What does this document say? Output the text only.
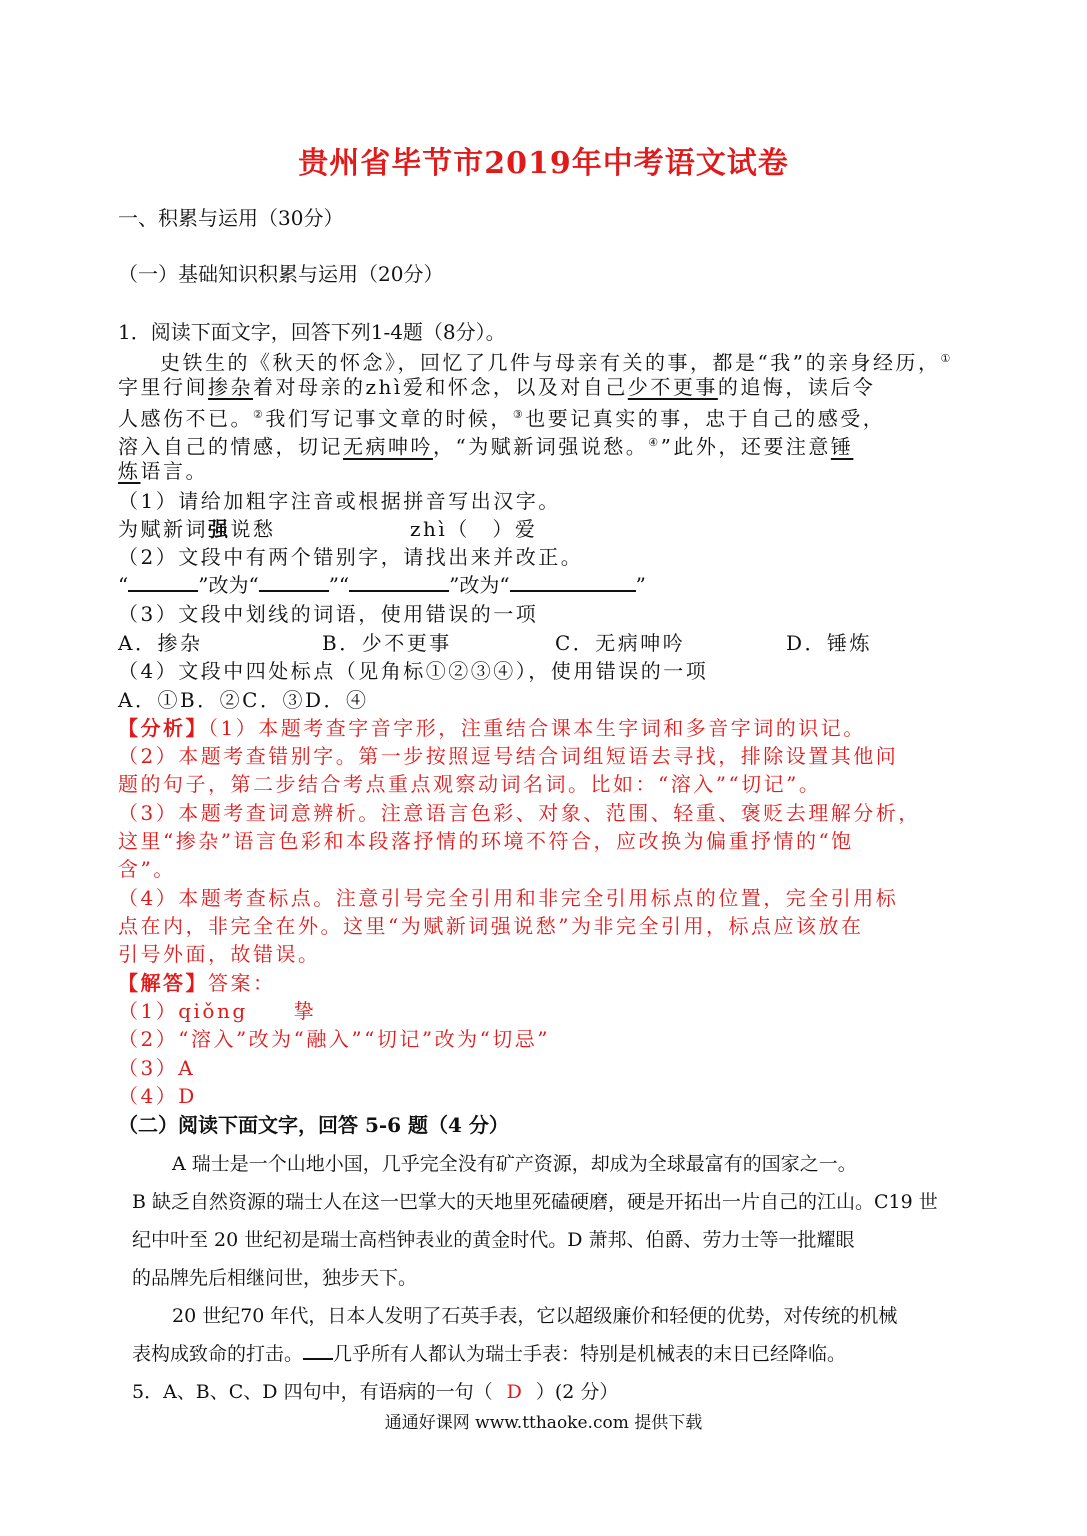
贵州省毕节市2019年中考语文试卷
一、积累与运用（30分）
（一）基础知识积累与运用（20分）
1．阅读下面文字，回答下列1-4题（8分）。
史铁生的《秋天的怀念》，回忆了几件与母亲有关的事，都是“我”的亲身经历，①
字里行间掺杂着对母亲的zhì爱和怀念，以及对自己少不更事的追悔，读后令
人感伤不已。②我们写记事文章的时候，③也要记真实的事，忠于自己的感受，
溶入自己的情感，切记无病呻吟，“为赋新词强说愁。④”此外，还要注意锤
炼语言。
（1）请给加粗字注音或根据拼音写出汉字。
为赋新词强说愁	zhì（　）爱
（2）文段中有两个错别字，请找出来并改正。
“	”改为“	”“	”改为“	”
（3）文段中划线的词语，使用错误的一项
A．掺杂	B．少不更事	C．无病呻吟	D．锤炼
（4）文段中四处标点（见角标①②③④），使用错误的一项
A．①B．②C．③D．④
【分析】（1）本题考查字音字形，注重结合课本生字词和多音字词的识记。
（2）本题考查错别字。第一步按照逗号结合词组短语去寻找，排除设置其他问
题的句子，第二步结合考点重点观察动词名词。比如：“溶入”“切记”。
（3）本题考查词意辨析。注意语言色彩、对象、范围、轻重、褒贬去理解分析，
这里“掺杂”语言色彩和本段落抒情的环境不符合，应改换为偏重抒情的“饱
含”。
（4）本题考查标点。注意引号完全引用和非完全引用标点的位置，完全引用标
点在内，非完全在外。这里“为赋新词强说愁”为非完全引用，标点应该放在
引号外面，故错误。
【解答】答案：
（1）qiǒng 挚
（2）“溶入”改为“融入”“切记”改为“切忌”
（3）A
（4）D
（二）阅读下面文字，回答 5-6 题（4 分）
A 瑞士是一个山地小国，几乎完全没有矿产资源，却成为全球最富有的国家之一。
B 缺乏自然资源的瑞士人在这一巴掌大的天地里死磕硬磨，硬是开拓出一片自己的江山。C19 世
纪中叶至 20 世纪初是瑞士高档钟表业的黄金时代。D 萧邦、伯爵、劳力士等一批耀眼
的品牌先后相继问世，独步天下。
20 世纪70 年代，日本人发明了石英手表，它以超级廉价和轻便的优势，对传统的机械
表构成致命的打击。 几乎所有人都认为瑞士手表：特别是机械表的末日已经降临。
5．A、B、C、D 四句中，有语病的一句（ D ）(2 分）
通通好课网 www.tthaoke.com 提供下载
